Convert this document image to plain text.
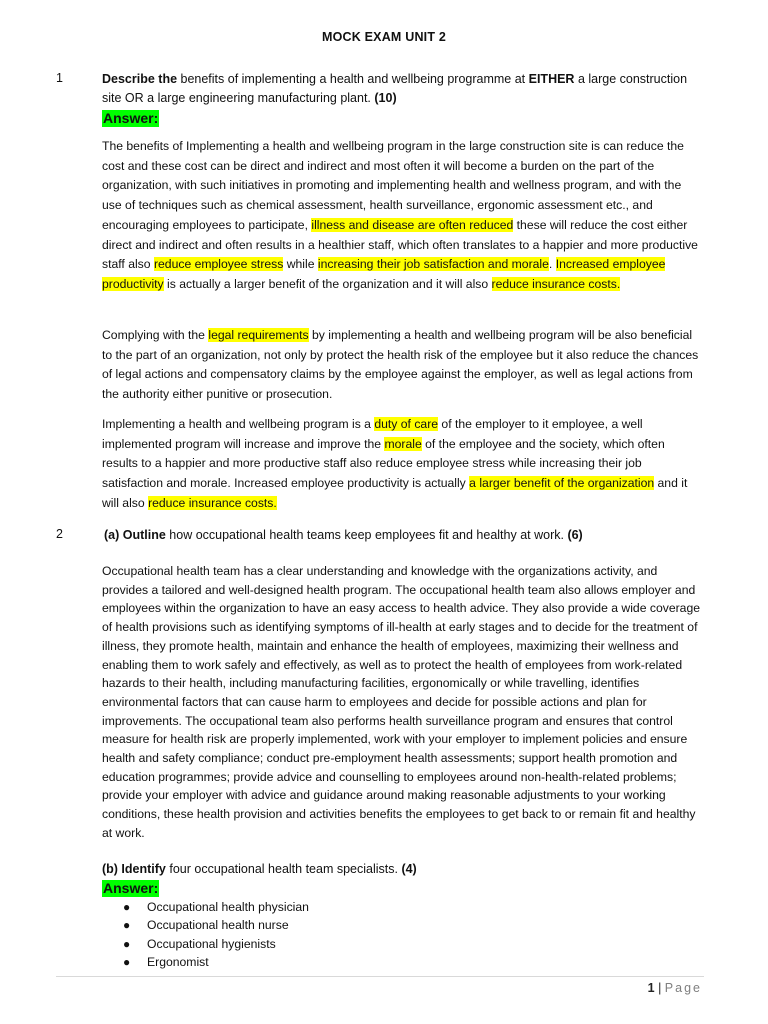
MOCK EXAM UNIT 2
1	Describe the benefits of implementing a health and wellbeing programme at EITHER a large construction site OR a large engineering manufacturing plant. (10)
Answer:
The benefits of Implementing a health and wellbeing program in the large construction site is can reduce the cost and these cost can be direct and indirect and most often it will become a burden on the part of the organization, with such initiatives in promoting and implementing health and wellness program, and with the use of techniques such as chemical assessment, health surveillance, ergonomic assessment etc., and encouraging employees to participate, illness and disease are often reduced these will reduce the cost either direct and indirect and often results in a healthier staff, which often translates to a happier and more productive staff also reduce employee stress while increasing their job satisfaction and morale. Increased employee productivity is actually a larger benefit of the organization and it will also reduce insurance costs.
Complying with the legal requirements by implementing a health and wellbeing program will be also beneficial to the part of an organization, not only by protect the health risk of the employee but it also reduce the chances of legal actions and compensatory claims by the employee against the employer, as well as legal actions from the authority either punitive or prosecution.
Implementing a health and wellbeing program is a duty of care of the employer to it employee, a well implemented program will increase and improve the morale of the employee and the society, which often results to a happier and more productive staff also reduce employee stress while increasing their job satisfaction and morale. Increased employee productivity is actually a larger benefit of the organization and it will also reduce insurance costs.
2	(a) Outline how occupational health teams keep employees fit and healthy at work. (6)
Occupational health team has a clear understanding and knowledge with the organizations activity, and provides a tailored and well-designed health program. The occupational health team also allows employer and employees within the organization to have an easy access to health advice. They also provide a wide coverage of health provisions such as identifying symptoms of ill-health at early stages and to decide for the treatment of illness, they promote health, maintain and enhance the health of employees, maximizing their wellness and enabling them to work safely and effectively, as well as to protect the health of employees from work-related hazards to their health, including manufacturing facilities, ergonomically or while travelling, identifies environmental factors that can cause harm to employees and decide for possible actions and plan for improvements. The occupational team also performs health surveillance program and ensures that control measure for health risk are properly implemented, work with your employer to implement policies and ensure health and safety compliance; conduct pre-employment health assessments; support health promotion and education programmes; provide advice and counselling to employees around non-health-related problems; provide your employer with advice and guidance around making reasonable adjustments to your working conditions, these health provision and activities benefits the employees to get back to or remain fit and healthy at work.
(b) Identify four occupational health team specialists. (4)
Answer:
● Occupational health physician
● Occupational health nurse
● Occupational hygienists
● Ergonomist
1 | Page
